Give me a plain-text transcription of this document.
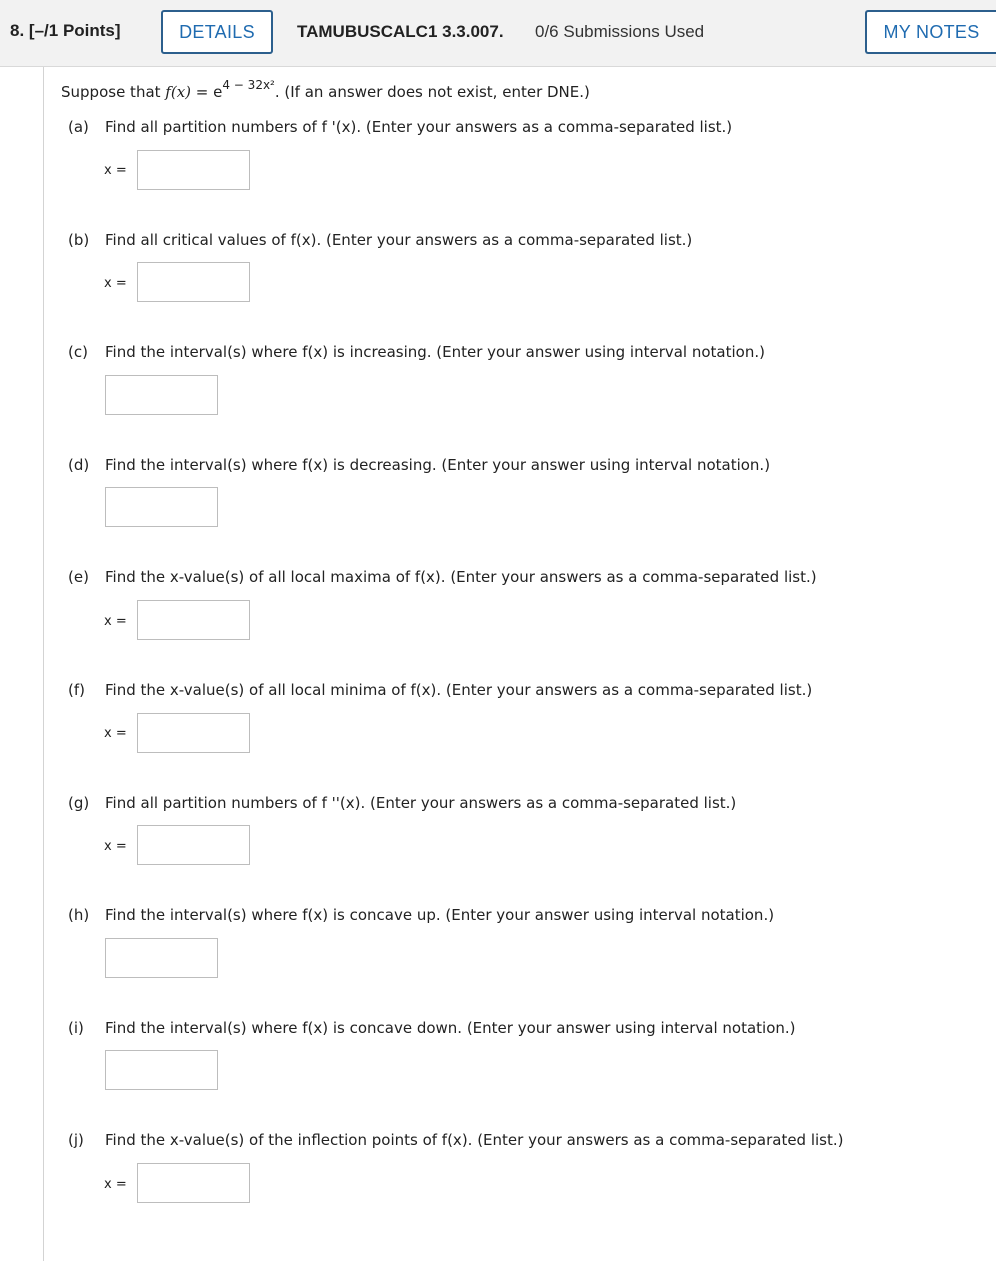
8. [–/1 Points]	DETAILS	TAMUBUSCALC1 3.3.007. 0/6 Submissions Used	MY NOTES
Suppose that $f(x) = e^{4 - 32x^2}$. (If an answer does not exist, enter DNE.)
(a) Find all partition numbers of f '(x). (Enter your answers as a comma-separated list.)
x =
(b) Find all critical values of f(x). (Enter your answers as a comma-separated list.)
x =
(c) Find the interval(s) where f(x) is increasing. (Enter your answer using interval notation.)
(d) Find the interval(s) where f(x) is decreasing. (Enter your answer using interval notation.)
(e) Find the x-value(s) of all local maxima of f(x). (Enter your answers as a comma-separated list.)
x =
(f) Find the x-value(s) of all local minima of f(x). (Enter your answers as a comma-separated list.)
x =
(g) Find all partition numbers of f ''(x). (Enter your answers as a comma-separated list.)
x =
(h) Find the interval(s) where f(x) is concave up. (Enter your answer using interval notation.)
(i) Find the interval(s) where f(x) is concave down. (Enter your answer using interval notation.)
(j) Find the x-value(s) of the inflection points of f(x). (Enter your answers as a comma-separated list.)
x =
